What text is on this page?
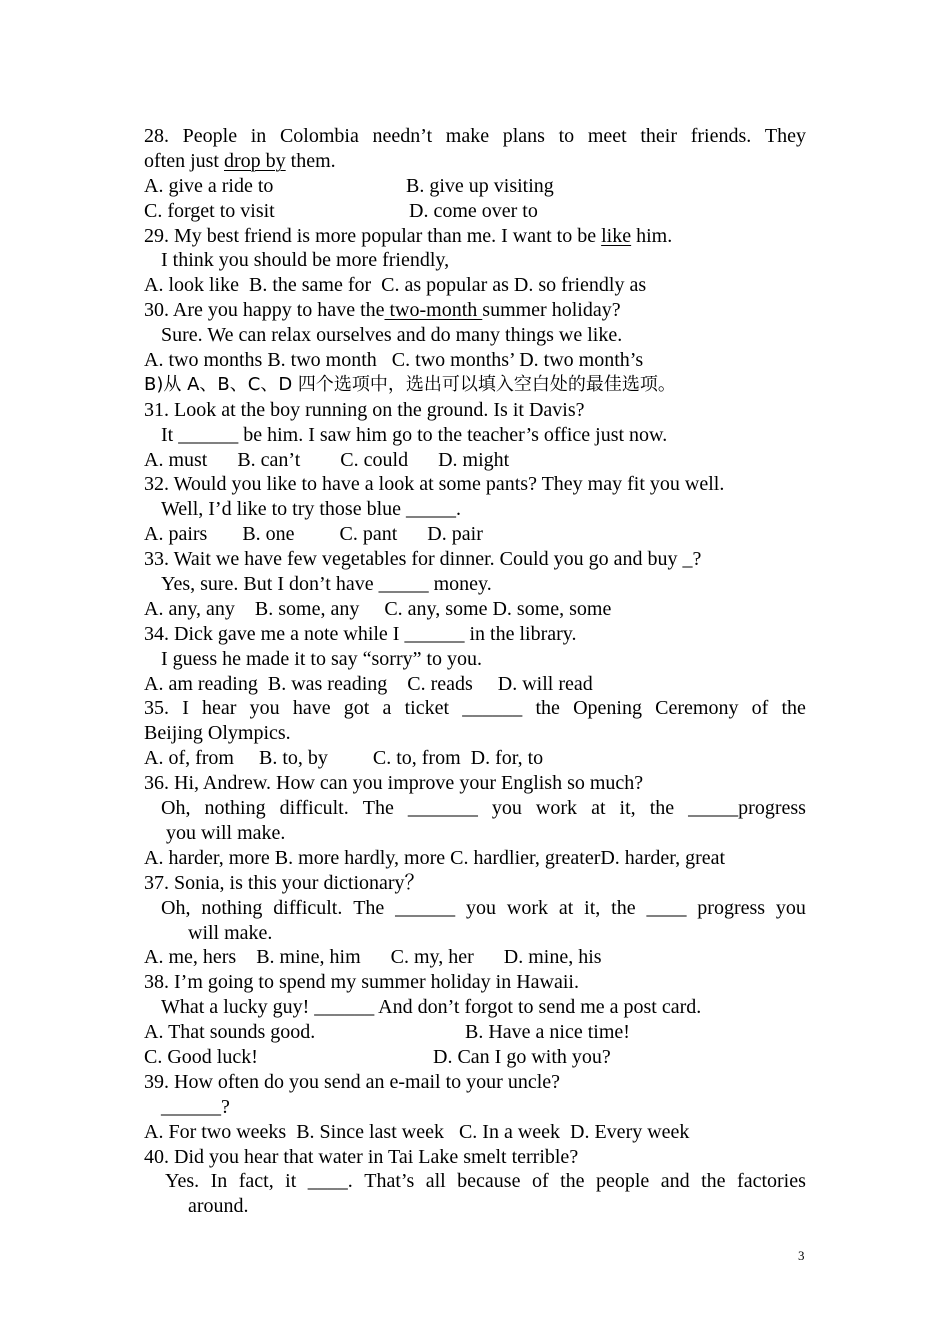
28. People in Colombia needn’t make plans to meet their friends. They
often just drop by them.
A. give a ride to	B. give up visiting
C. forget to visit	D. come over to
29. My best friend is more popular than me. I want to be like him.
I think you should be more friendly,
A. look like  B. the same for  C. as popular as D. so friendly as
30. Are you happy to have the two-month summer holiday?
Sure. We can relax ourselves and do many things we like.
A. two months B. two month   C. two months’ D. two month’s
B)从 A、B、C、D 四个选项中，选出可以填入空白处的最佳选项。
31. Look at the boy running on the ground. Is it Davis?
It ______ be him. I saw him go to the teacher’s office just now.
A. must      B. can’t        C. could      D. might
32. Would you like to have a look at some pants? They may fit you well.
Well, I’d like to try those blue _____.
A. pairs       B. one         C. pant      D. pair
33. Wait we have few vegetables for dinner. Could you go and buy _?
Yes, sure. But I don’t have _____ money.
A. any, any    B. some, any     C. any, some D. some, some
34. Dick gave me a note while I ______ in the library.
I guess he made it to say “sorry” to you.
A. am reading  B. was reading    C. reads     D. will read
35. I hear you have got a ticket ______ the Opening Ceremony of the
Beijing Olympics.
A. of, from     B. to, by         C. to, from  D. for, to
36. Hi, Andrew. How can you improve your English so much?
Oh, nothing difficult. The _______ you work at it, the _____progress
you will make.
A. harder, more B. more hardly, more C. hardlier, greaterD. harder, great
37. Sonia, is this your dictionary？
Oh, nothing difficult. The ______ you work at it, the ____ progress you
will make.
A. me, hers    B. mine, him      C. my, her      D. mine, his
38. I’m going to spend my summer holiday in Hawaii.
What a lucky guy! ______ And don’t forgot to send me a post card.
A. That sounds good.	B. Have a nice time!
C. Good luck!	D. Can I go with you?
39. How often do you send an e-mail to your uncle?
______?
A. For two weeks  B. Since last week   C. In a week  D. Every week
40. Did you hear that water in Tai Lake smelt terrible?
Yes. In fact, it ____. That’s all because of the people and the factories
around.
3
